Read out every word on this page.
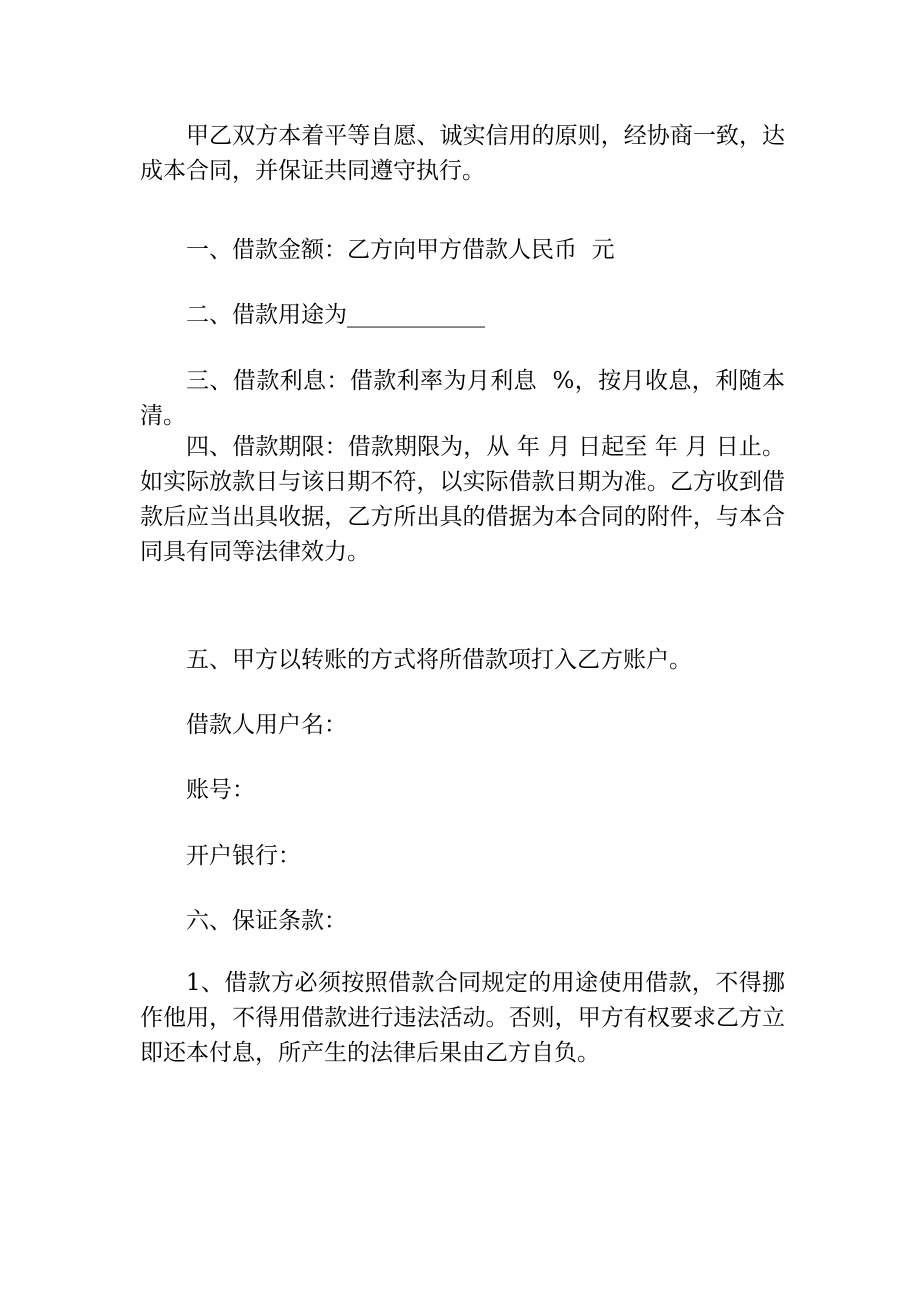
甲乙双方本着平等自愿、诚实信用的原则，经协商一致，达成本合同，并保证共同遵守执行。

一、借款金额：乙方向甲方借款人民币  元

二、借款用途为____________

三、借款利息：借款利率为月利息  %，按月收息，利随本清。

四、借款期限：借款期限为，从 年 月 日起至 年 月 日止。如实际放款日与该日期不符，以实际借款日期为准。乙方收到借款后应当出具收据，乙方所出具的借据为本合同的附件，与本合同具有同等法律效力。

五、甲方以转账的方式将所借款项打入乙方账户。

借款人用户名：

账号：

开户银行：

六、保证条款：

1、借款方必须按照借款合同规定的用途使用借款，不得挪作他用，不得用借款进行违法活动。否则，甲方有权要求乙方立即还本付息，所产生的法律后果由乙方自负。
